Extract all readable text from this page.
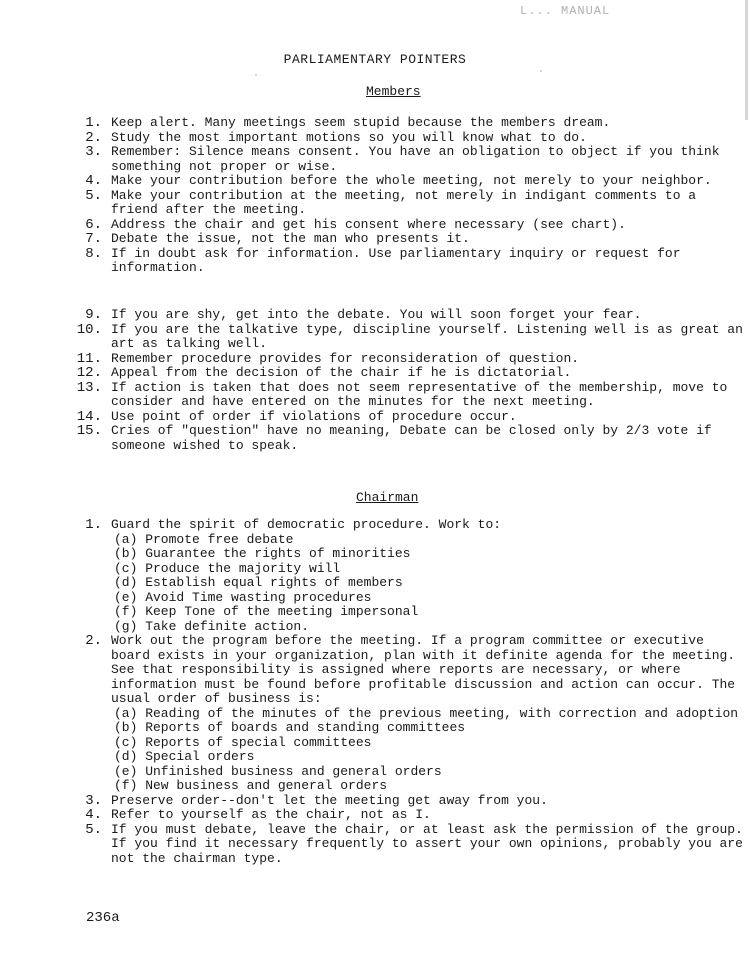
L... MANUAL
PARLIAMENTARY POINTERS
Members
1. Keep alert. Many meetings seem stupid because the members dream.
2. Study the most important motions so you will know what to do.
3. Remember: Silence means consent. You have an obligation to object if you think something not proper or wise.
4. Make your contribution before the whole meeting, not merely to your neighbor.
5. Make your contribution at the meeting, not merely in indigant comments to a friend after the meeting.
6. Address the chair and get his consent where necessary (see chart).
7. Debate the issue, not the man who presents it.
8. If in doubt ask for information. Use parliamentary inquiry or request for information.
9. If you are shy, get into the debate. You will soon forget your fear.
10. If you are the talkative type, discipline yourself. Listening well is as great an art as talking well.
11. Remember procedure provides for reconsideration of question.
12. Appeal from the decision of the chair if he is dictatorial.
13. If action is taken that does not seem representative of the membership, move to consider and have entered on the minutes for the next meeting.
14. Use point of order if violations of procedure occur.
15. Cries of "question" have no meaning, Debate can be closed only by 2/3 vote if someone wished to speak.
Chairman
1. Guard the spirit of democratic procedure. Work to:
(a) Promote free debate
(b) Guarantee the rights of minorities
(c) Produce the majority will
(d) Establish equal rights of members
(e) Avoid Time wasting procedures
(f) Keep Tone of the meeting impersonal
(g) Take definite action.
2. Work out the program before the meeting. If a program committee or executive board exists in your organization, plan with it definite agenda for the meeting. See that responsibility is assigned where reports are necessary, or where information must be found before profitable discussion and action can occur. The usual order of business is:
(a) Reading of the minutes of the previous meeting, with correction and adoption
(b) Reports of boards and standing committees
(c) Reports of special committees
(d) Special orders
(e) Unfinished business and general orders
(f) New business and general orders
3. Preserve order--don't let the meeting get away from you.
4. Refer to yourself as the chair, not as I.
5. If you must debate, leave the chair, or at least ask the permission of the group. If you find it necessary frequently to assert your own opinions, probably you are not the chairman type.
236a
